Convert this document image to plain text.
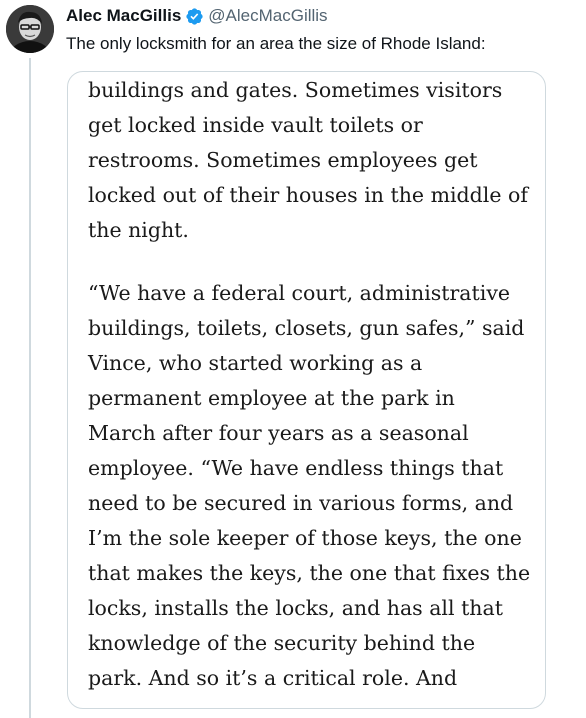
Alec MacGillis @AlecMacGillis
The only locksmith for an area the size of Rhode Island:

buildings and gates. Sometimes visitors
get locked inside vault toilets or
restrooms. Sometimes employees get
locked out of their houses in the middle of
the night.

“We have a federal court, administrative
buildings, toilets, closets, gun safes,” said
Vince, who started working as a
permanent employee at the park in
March after four years as a seasonal
employee. “We have endless things that
need to be secured in various forms, and
I’m the sole keeper of those keys, the one
that makes the keys, the one that fixes the
locks, installs the locks, and has all that
knowledge of the security behind the
park. And so it’s a critical role. And
